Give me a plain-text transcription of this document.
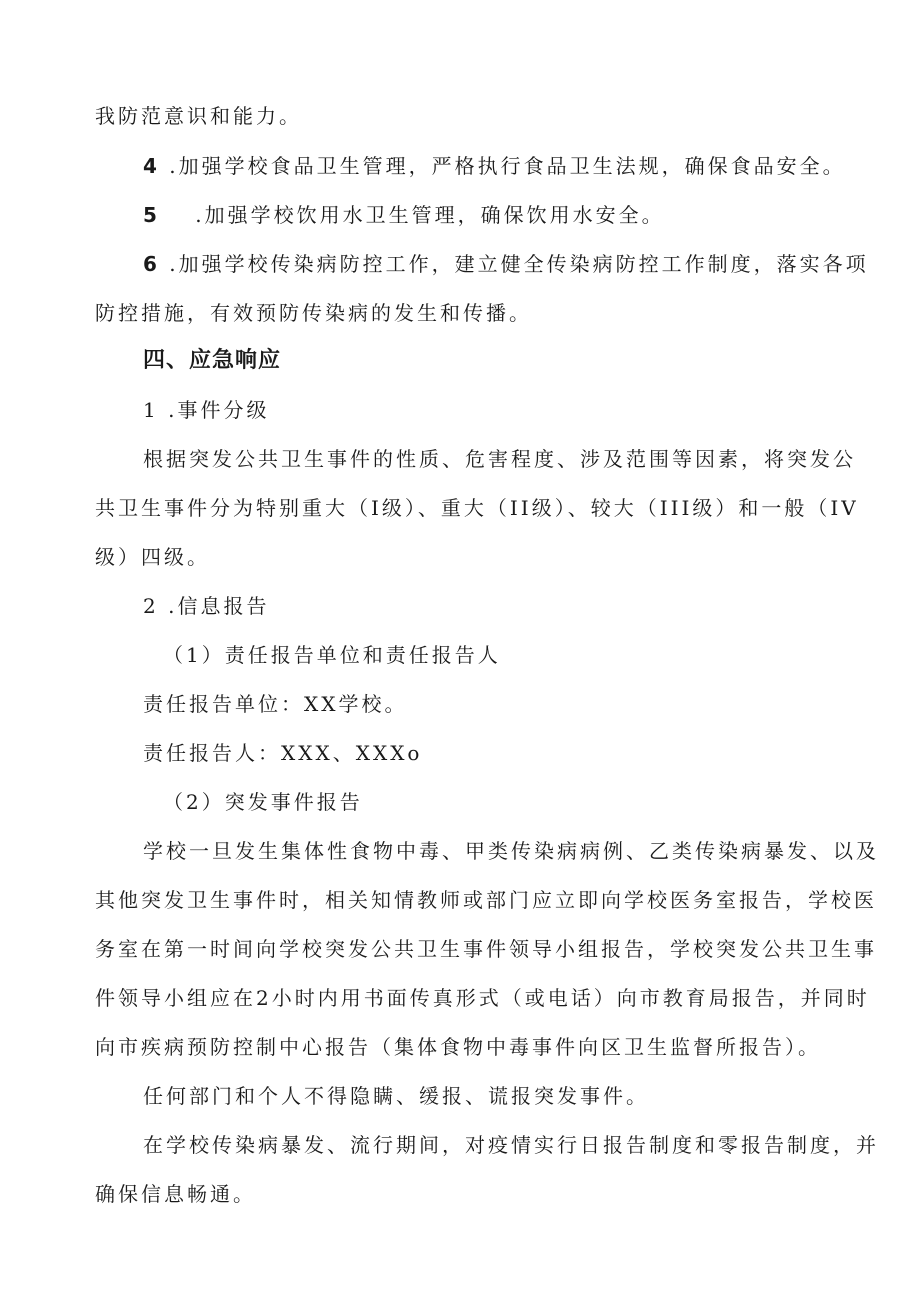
我防范意识和能力。
4 .加强学校食品卫生管理，严格执行食品卫生法规，确保食品安全。
5 .加强学校饮用水卫生管理，确保饮用水安全。
6 .加强学校传染病防控工作，建立健全传染病防控工作制度，落实各项
防控措施，有效预防传染病的发生和传播。
四、应急响应
1 .事件分级
根据突发公共卫生事件的性质、危害程度、涉及范围等因素，将突发公
共卫生事件分为特别重大（I级）、重大（II级）、较大（III级）和一般（IV
级）四级。
2 .信息报告
（1）责任报告单位和责任报告人
责任报告单位：XX学校。
责任报告人：XXX、XXXo
（2）突发事件报告
学校一旦发生集体性食物中毒、甲类传染病病例、乙类传染病暴发、以及
其他突发卫生事件时，相关知情教师或部门应立即向学校医务室报告，学校医
务室在第一时间向学校突发公共卫生事件领导小组报告，学校突发公共卫生事
件领导小组应在2小时内用书面传真形式（或电话）向市教育局报告，并同时
向市疾病预防控制中心报告（集体食物中毒事件向区卫生监督所报告）。
任何部门和个人不得隐瞒、缓报、谎报突发事件。
在学校传染病暴发、流行期间，对疫情实行日报告制度和零报告制度，并
确保信息畅通。
